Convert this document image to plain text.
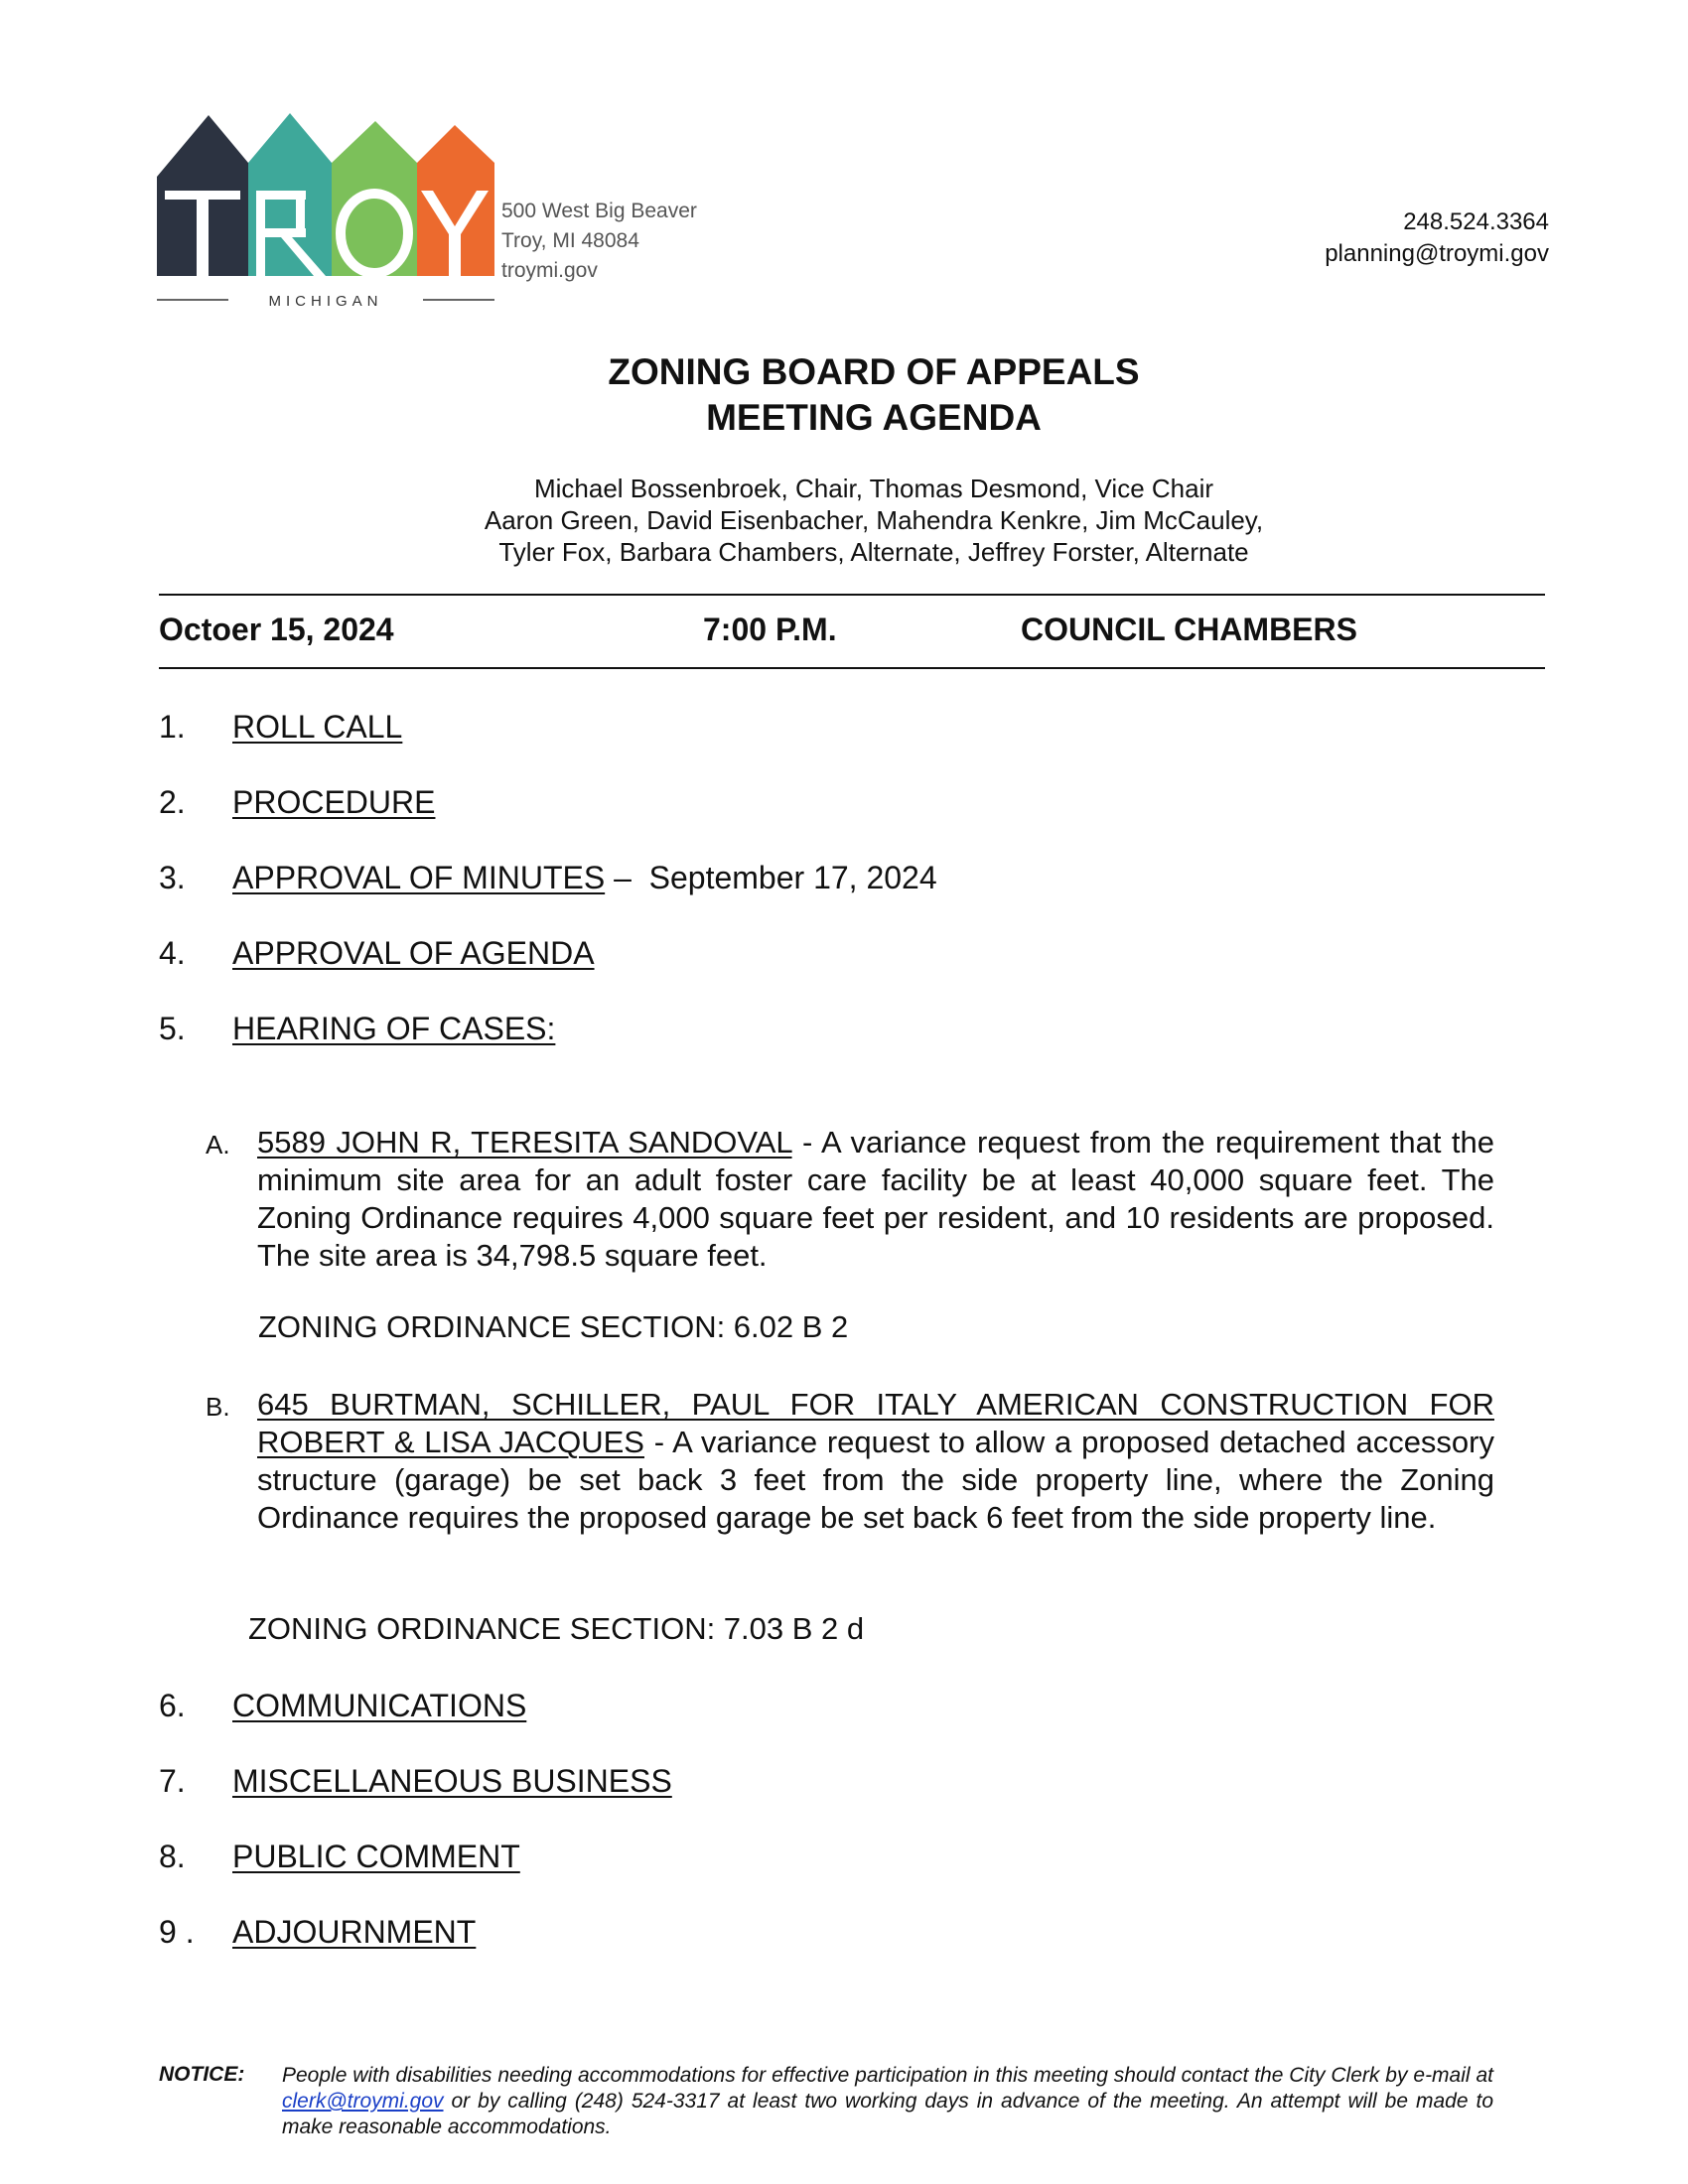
MICHIGAN
500 West Big Beaver
Troy, MI 48084
troymi.gov
248.524.3364
planning@troymi.gov
ZONING BOARD OF APPEALS
MEETING AGENDA
Michael Bossenbroek, Chair, Thomas Desmond, Vice Chair
Aaron Green, David Eisenbacher, Mahendra Kenkre, Jim McCauley,
Tyler Fox, Barbara Chambers, Alternate, Jeffrey Forster, Alternate
Octoer 15, 2024	7:00 P.M.	COUNCIL CHAMBERS
1. ROLL CALL
2. PROCEDURE
3. APPROVAL OF MINUTES –  September 17, 2024
4. APPROVAL OF AGENDA
5. HEARING OF CASES:
A. 5589 JOHN R, TERESITA SANDOVAL - A variance request from the requirement that the minimum site area for an adult foster care facility be at least 40,000 square feet. The Zoning Ordinance requires 4,000 square feet per resident, and 10 residents are proposed. The site area is 34,798.5 square feet.
ZONING ORDINANCE SECTION: 6.02 B 2
B. 645 BURTMAN, SCHILLER, PAUL FOR ITALY AMERICAN CONSTRUCTION FOR ROBERT & LISA JACQUES - A variance request to allow a proposed detached accessory structure (garage) be set back 3 feet from the side property line, where the Zoning Ordinance requires the proposed garage be set back 6 feet from the side property line.
ZONING ORDINANCE SECTION: 7.03 B 2 d
6. COMMUNICATIONS
7. MISCELLANEOUS BUSINESS
8. PUBLIC COMMENT
9 . ADJOURNMENT
NOTICE: People with disabilities needing accommodations for effective participation in this meeting should contact the City Clerk by e-mail at clerk@troymi.gov or by calling (248) 524-3317 at least two working days in advance of the meeting. An attempt will be made to make reasonable accommodations.
